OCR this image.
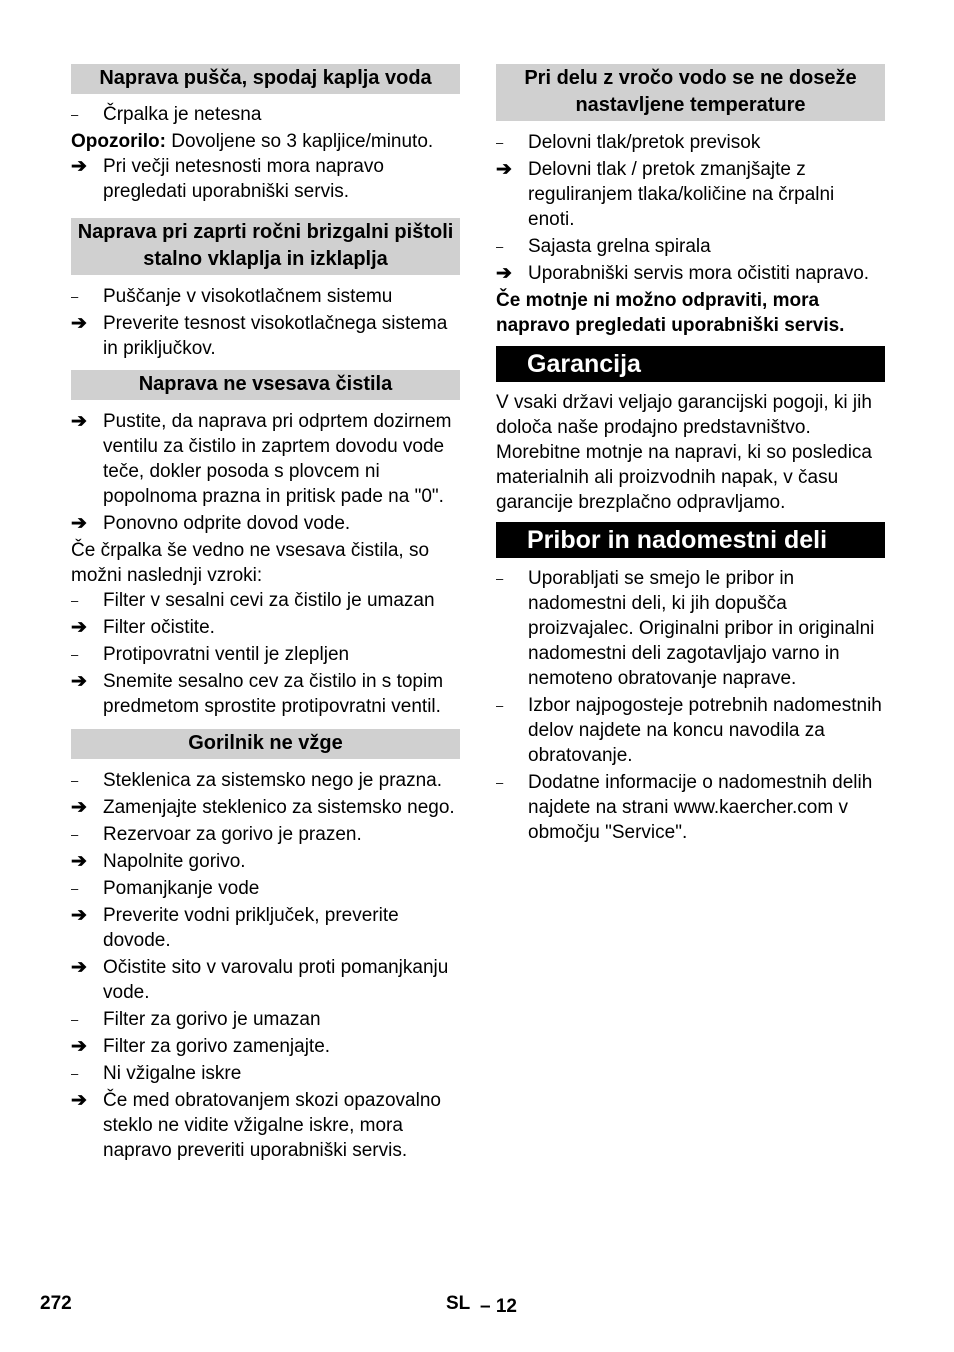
Naprava pušča, spodaj kaplja voda
–	Črpalka je netesna
Opozorilo: Dovoljene so 3 kapljice/minuto.
➔ Pri večji netesnosti mora napravo pregledati uporabniški servis.
Naprava pri zaprti ročni brizgalni pištoli stalno vklaplja in izklaplja
–	Puščanje v visokotlačnem sistemu
➔ Preverite tesnost visokotlačnega sistema in priključkov.
Naprava ne vsesava čistila
➔ Pustite, da naprava pri odprtem dozirnem ventilu za čistilo in zaprtem dovodu vode teče, dokler posoda s plovcem ni popolnoma prazna in pritisk pade na "0".
➔ Ponovno odprite dovod vode.
Če črpalka še vedno ne vsesava čistila, so možni naslednji vzroki:
–	Filter v sesalni cevi za čistilo je umazan
➔ Filter očistite.
–	Protipovratni ventil je zlepljen
➔ Snemite sesalno cev za čistilo in s topim predmetom sprostite protipovratni ventil.
Gorilnik ne vžge
–	Steklenica za sistemsko nego je prazna.
➔ Zamenjajte steklenico za sistemsko nego.
–	Rezervoar za gorivo je prazen.
➔ Napolnite gorivo.
–	Pomanjkanje vode
➔ Preverite vodni priključek, preverite dovode.
➔ Očistite sito v varovalu proti pomanjkanju vode.
–	Filter za gorivo je umazan
➔ Filter za gorivo zamenjajte.
–	Ni vžigalne iskre
➔ Če med obratovanjem skozi opazovalno steklo ne vidite vžigalne iskre, mora napravo preveriti uporabniški servis.
Pri delu z vročo vodo se ne doseže nastavljene temperature
–	Delovni tlak/pretok previsok
➔ Delovni tlak / pretok zmanjšajte z reguliranjem tlaka/količine na črpalni enoti.
–	Sajasta grelna spirala
➔ Uporabniški servis mora očistiti napravo.
Če motnje ni možno odpraviti, mora napravo pregledati uporabniški servis.
Garancija
V vsaki državi veljajo garancijski pogoji, ki jih določa naše prodajno predstavništvo. Morebitne motnje na napravi, ki so posledica materialnih ali proizvodnih napak, v času garancije brezplačno odpravljamo.
Pribor in nadomestni deli
–	Uporabljati se smejo le pribor in nadomestni deli, ki jih dopušča proizvajalec. Originalni pribor in originalni nadomestni deli zagotavljajo varno in nemoteno obratovanje naprave.
–	Izbor najpogosteje potrebnih nadomestnih delov najdete na koncu navodila za obratovanje.
–	Dodatne informacije o nadomestnih delih najdete na strani www.kaercher.com v območju "Service".
272	SL – 12
